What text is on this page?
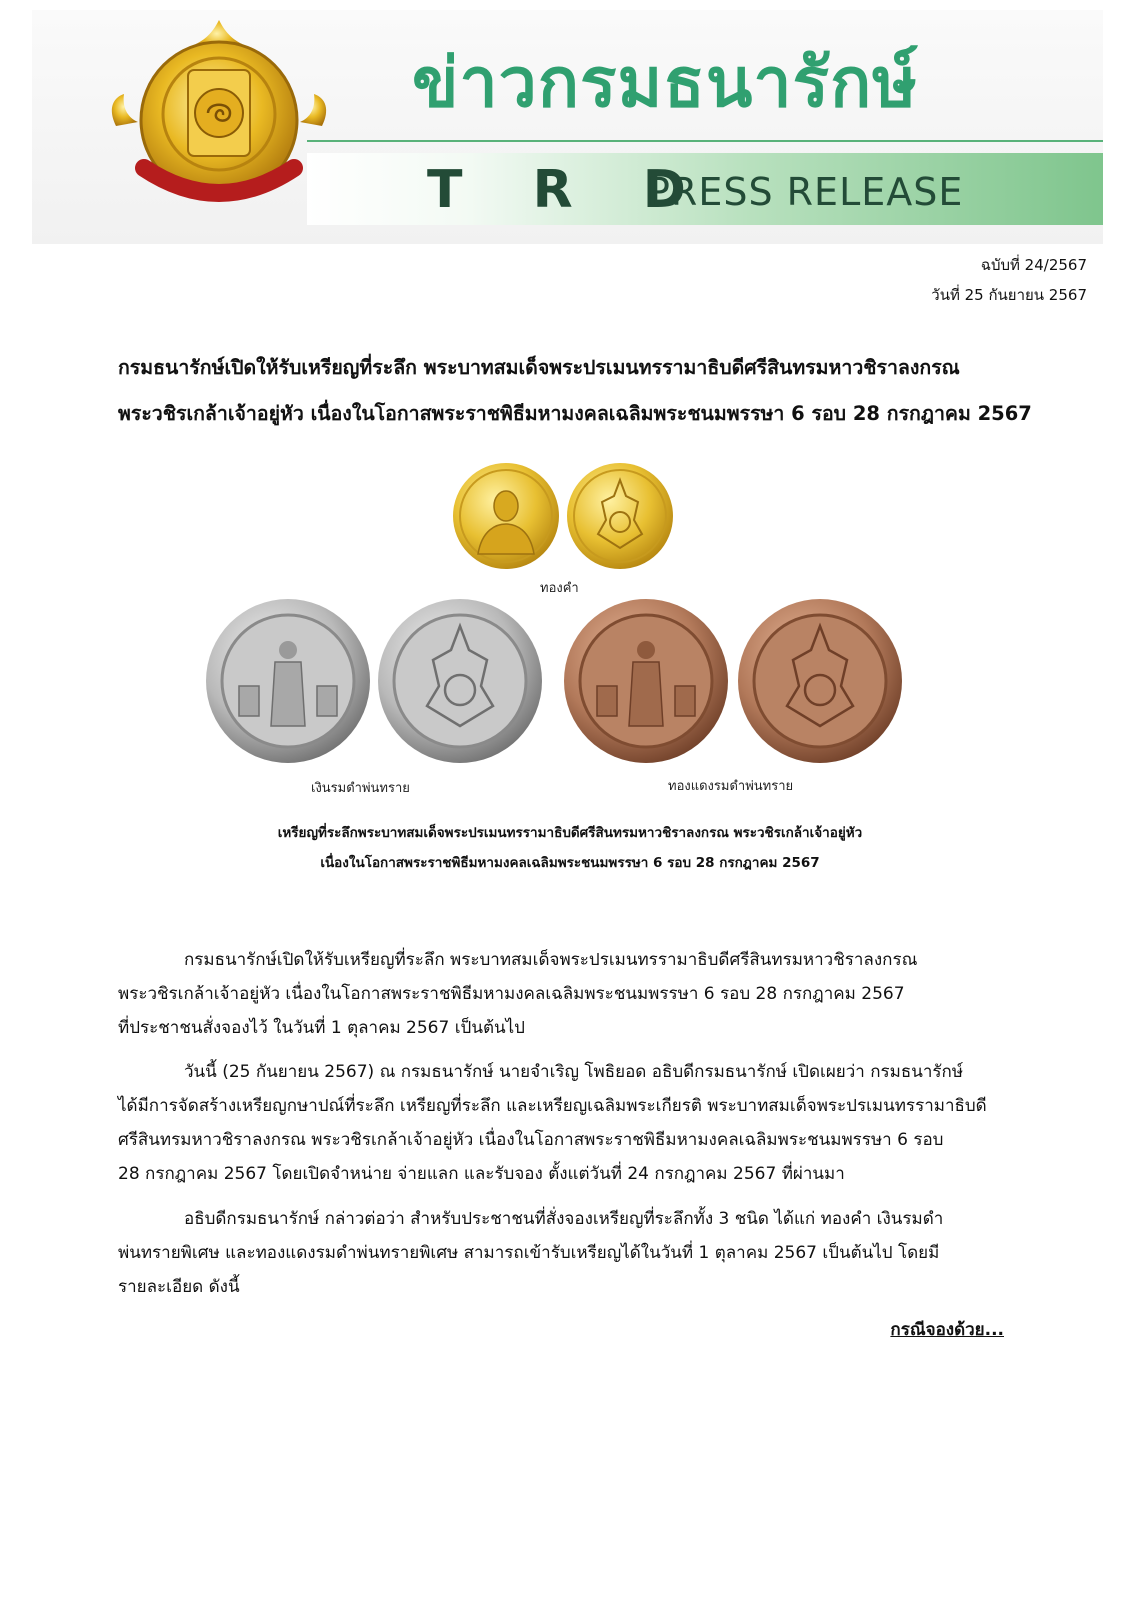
ข่าวกรมธนารักษ์
T R D
PRESS RELEASE
ฉบับที่ 24/2567
วันที่ 25 กันยายน 2567
กรมธนารักษ์เปิดให้รับเหรียญที่ระลึก พระบาทสมเด็จพระปรเมนทรรามาธิบดีศรีสินทรมหาวชิราลงกรณ
พระวชิรเกล้าเจ้าอยู่หัว เนื่องในโอกาสพระราชพิธีมหามงคลเฉลิมพระชนมพรรษา 6 รอบ 28 กรกฎาคม 2567
ทองคำ
เงินรมดำพ่นทราย	ทองแดงรมดำพ่นทราย
เหรียญที่ระลึกพระบาทสมเด็จพระปรเมนทรรามาธิบดีศรีสินทรมหาวชิราลงกรณ พระวชิรเกล้าเจ้าอยู่หัว
เนื่องในโอกาสพระราชพิธีมหามงคลเฉลิมพระชนมพรรษา 6 รอบ 28 กรกฎาคม 2567
กรมธนารักษ์เปิดให้รับเหรียญที่ระลึก พระบาทสมเด็จพระปรเมนทรรามาธิบดีศรีสินทรมหาวชิราลงกรณ
พระวชิรเกล้าเจ้าอยู่หัว เนื่องในโอกาสพระราชพิธีมหามงคลเฉลิมพระชนมพรรษา 6 รอบ 28 กรกฎาคม 2567
ที่ประชาชนสั่งจองไว้ ในวันที่ 1 ตุลาคม 2567 เป็นต้นไป
วันนี้ (25 กันยายน 2567) ณ กรมธนารักษ์ นายจำเริญ โพธิยอด อธิบดีกรมธนารักษ์ เปิดเผยว่า กรมธนารักษ์
ได้มีการจัดสร้างเหรียญกษาปณ์ที่ระลึก เหรียญที่ระลึก และเหรียญเฉลิมพระเกียรติ พระบาทสมเด็จพระปรเมนทรรามาธิบดี
ศรีสินทรมหาวชิราลงกรณ พระวชิรเกล้าเจ้าอยู่หัว เนื่องในโอกาสพระราชพิธีมหามงคลเฉลิมพระชนมพรรษา 6 รอบ
28 กรกฎาคม 2567 โดยเปิดจำหน่าย จ่ายแลก และรับจอง ตั้งแต่วันที่ 24 กรกฎาคม 2567 ที่ผ่านมา
อธิบดีกรมธนารักษ์ กล่าวต่อว่า สำหรับประชาชนที่สั่งจองเหรียญที่ระลึกทั้ง 3 ชนิด ได้แก่ ทองคำ เงินรมดำ
พ่นทรายพิเศษ และทองแดงรมดำพ่นทรายพิเศษ สามารถเข้ารับเหรียญได้ในวันที่ 1 ตุลาคม 2567 เป็นต้นไป โดยมี
รายละเอียด ดังนี้
กรณีจองด้วย...
